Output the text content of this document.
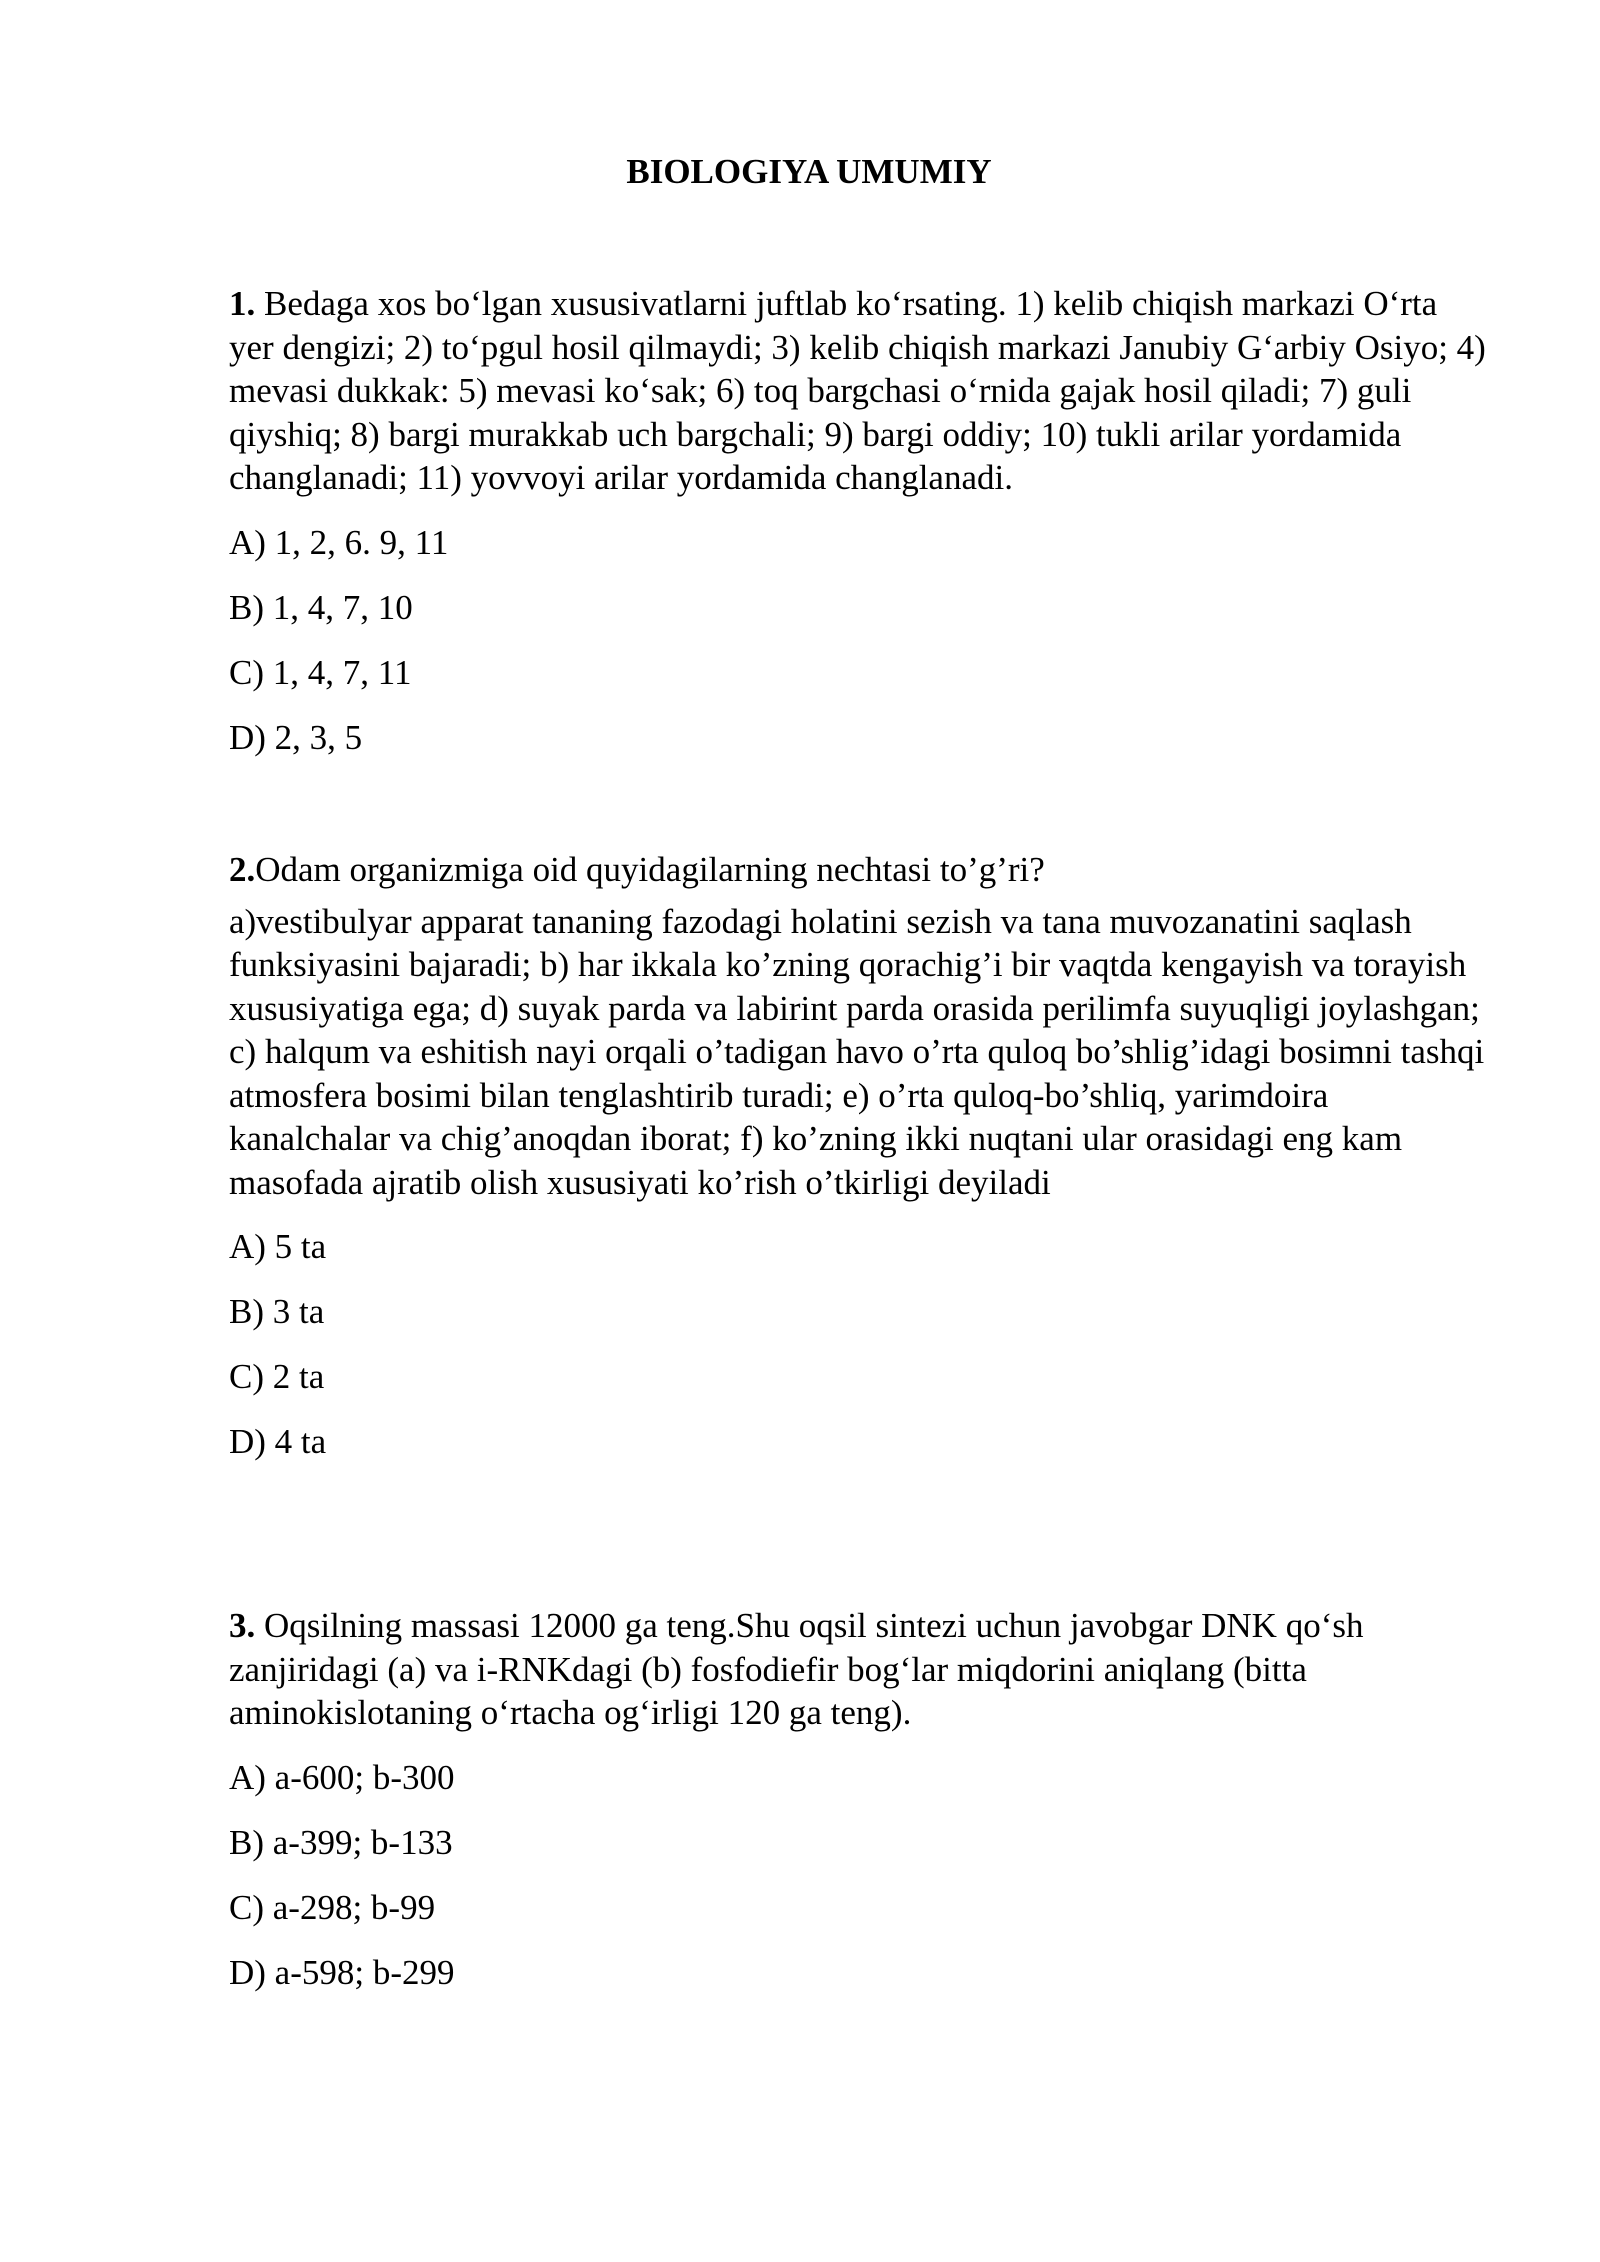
BIOLOGIYA UMUMIY

1. Bedaga xos bo‘lgan xususivatlarni juftlab ko‘rsating. 1) kelib chiqish markazi O‘rta yer dengizi; 2) to‘pgul hosil qilmaydi; 3) kelib chiqish markazi Janubiy G‘arbiy Osiyo; 4) mevasi dukkak: 5) mevasi ko‘sak; 6) toq bargchasi o‘rnida gajak hosil qiladi; 7) guli qiyshiq; 8) bargi murakkab uch bargchali; 9) bargi oddiy; 10) tukli arilar yordamida changlanadi; 11) yovvoyi arilar yordamida changlanadi.

A) 1, 2, 6. 9, 11
B) 1, 4, 7, 10
C) 1, 4, 7, 11
D) 2, 3, 5

2.Odam organizmiga oid quyidagilarning nechtasi to’g’ri?

a)vestibulyar apparat tananing fazodagi holatini sezish va tana muvozanatini saqlash funksiyasini bajaradi; b) har ikkala ko’zning qorachig’i bir vaqtda kengayish va torayish xususiyatiga ega; d) suyak parda va labirint parda orasida perilimfa suyuqligi joylashgan; c) halqum va eshitish nayi orqali o’tadigan havo o’rta quloq bo’shlig’idagi bosimni tashqi atmosfera bosimi bilan tenglashtirib turadi; e) o’rta quloq-bo’shliq, yarimdoira kanalchalar va chig’anoqdan iborat; f) ko’zning ikki nuqtani ular orasidagi eng kam masofada ajratib olish xususiyati ko’rish o’tkirligi deyiladi

A) 5 ta
B) 3 ta
C) 2 ta
D) 4 ta

3. Oqsilning massasi 12000 ga teng.Shu oqsil sintezi uchun javobgar DNK qo‘sh zanjiridagi (a) va i-RNKdagi (b) fosfodiefir bog‘lar miqdorini aniqlang (bitta aminokislotaning o‘rtacha og‘irligi 120 ga teng).

A) a-600; b-300
B) a-399; b-133
C) a-298; b-99
D) a-598; b-299
